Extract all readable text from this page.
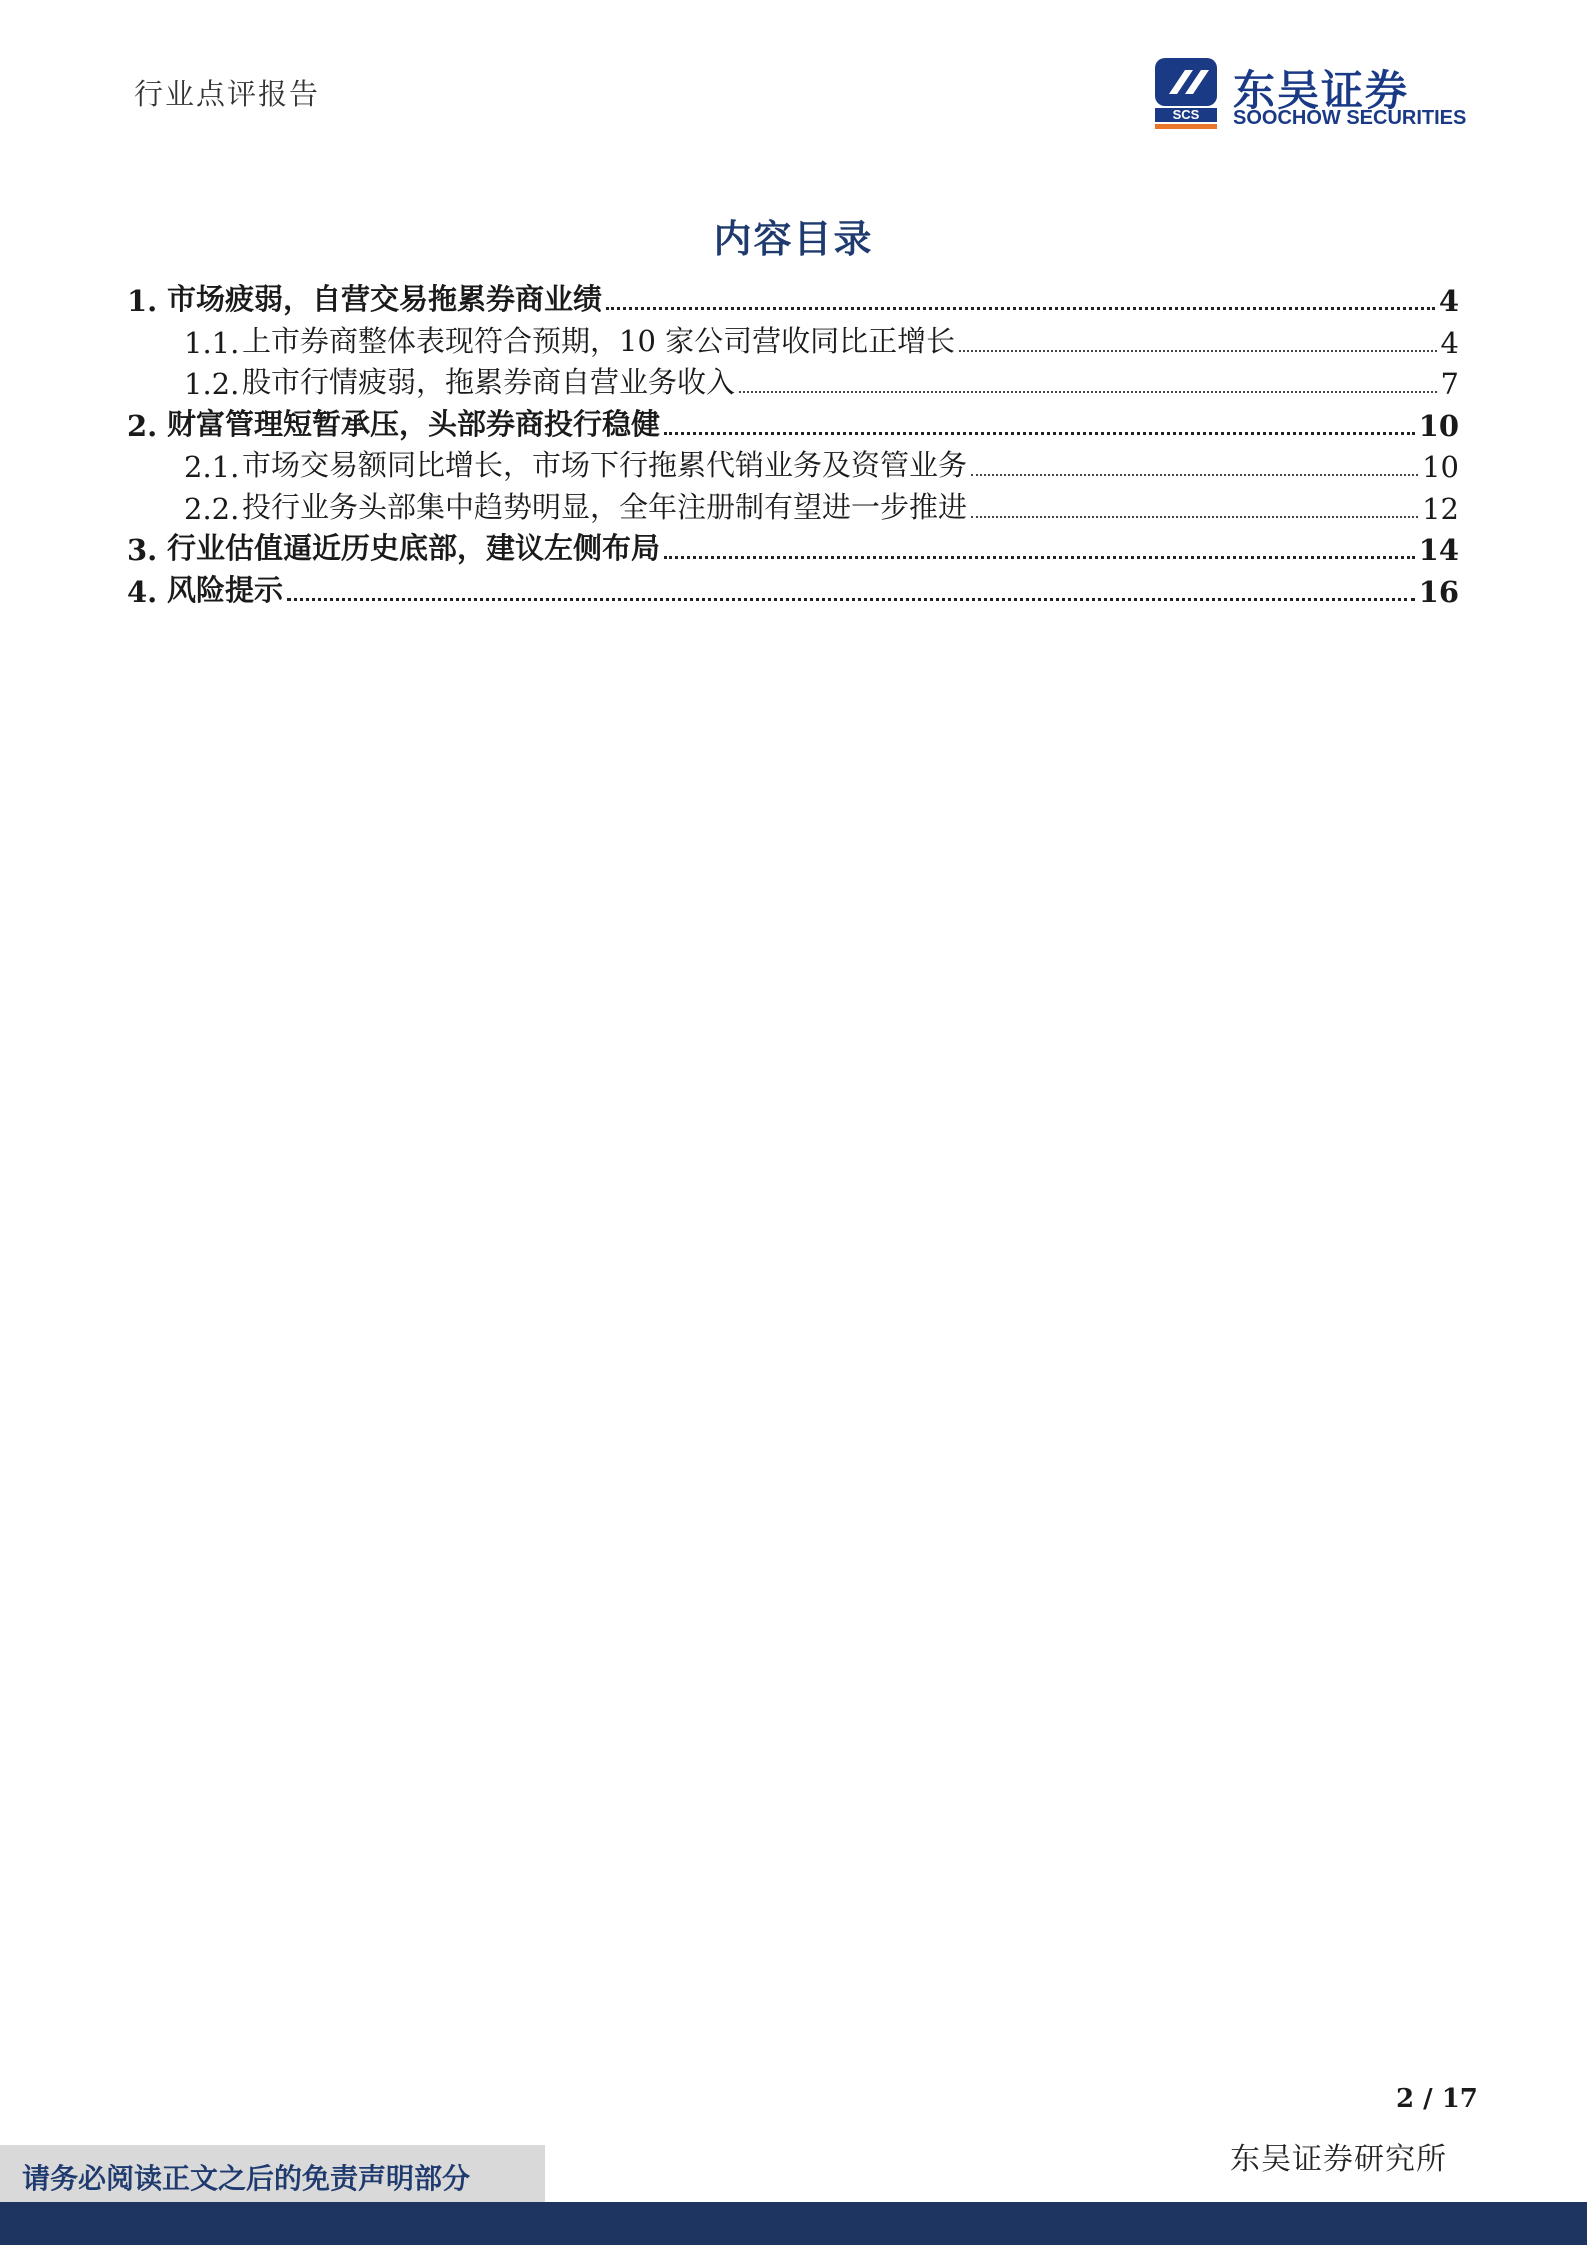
行业点评报告
SCS 东吴证券
SOOCHOW SECURITIES
内容目录
1. 市场疲弱，自营交易拖累券商业绩	4
1.1. 上市券商整体表现符合预期，10 家公司营收同比正增长	4
1.2. 股市行情疲弱，拖累券商自营业务收入	7
2. 财富管理短暂承压，头部券商投行稳健	10
2.1. 市场交易额同比增长，市场下行拖累代销业务及资管业务	10
2.2. 投行业务头部集中趋势明显，全年注册制有望进一步推进	12
3. 行业估值逼近历史底部，建议左侧布局	14
4. 风险提示	16
2 / 17
请务必阅读正文之后的免责声明部分
东吴证券研究所
